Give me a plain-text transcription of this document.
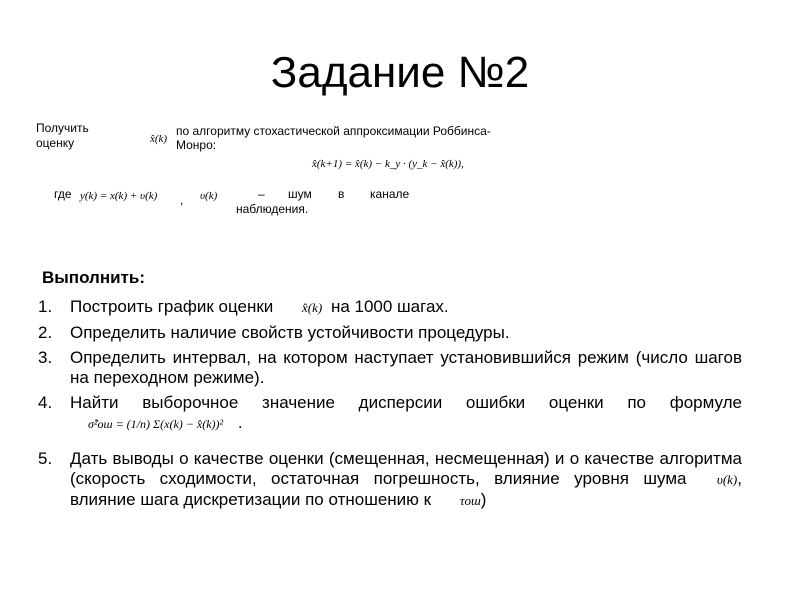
Задание №2
Получить
оценку	x̂(k)
по алгоритму стохастической аппроксимации Роббинса-
Монро:
x̂(k+1) = x̂(k) − k_y · (y_k − x̂(k)),
где y(k) = x(k) + υ(k) , υ(k)	– шум в канале
наблюдения.
Выполнить:
1. Построить график оценки x̂(k) на 1000 шагах.
2. Определить наличие свойств устойчивости процедуры.
3. Определить интервал, на котором наступает установившийся режим (число шагов на переходном режиме).
4. Найти выборочное значение дисперсии ошибки оценки по формуле σ̂²ош = (1/n) Σ(x(k) − x̂(k))² .
5. Дать выводы о качестве оценки (смещенная, несмещенная) и о качестве алгоритма (скорость сходимости, остаточная погрешность, влияние уровня шума υ(k), влияние шага дискретизации по отношению к τош)
